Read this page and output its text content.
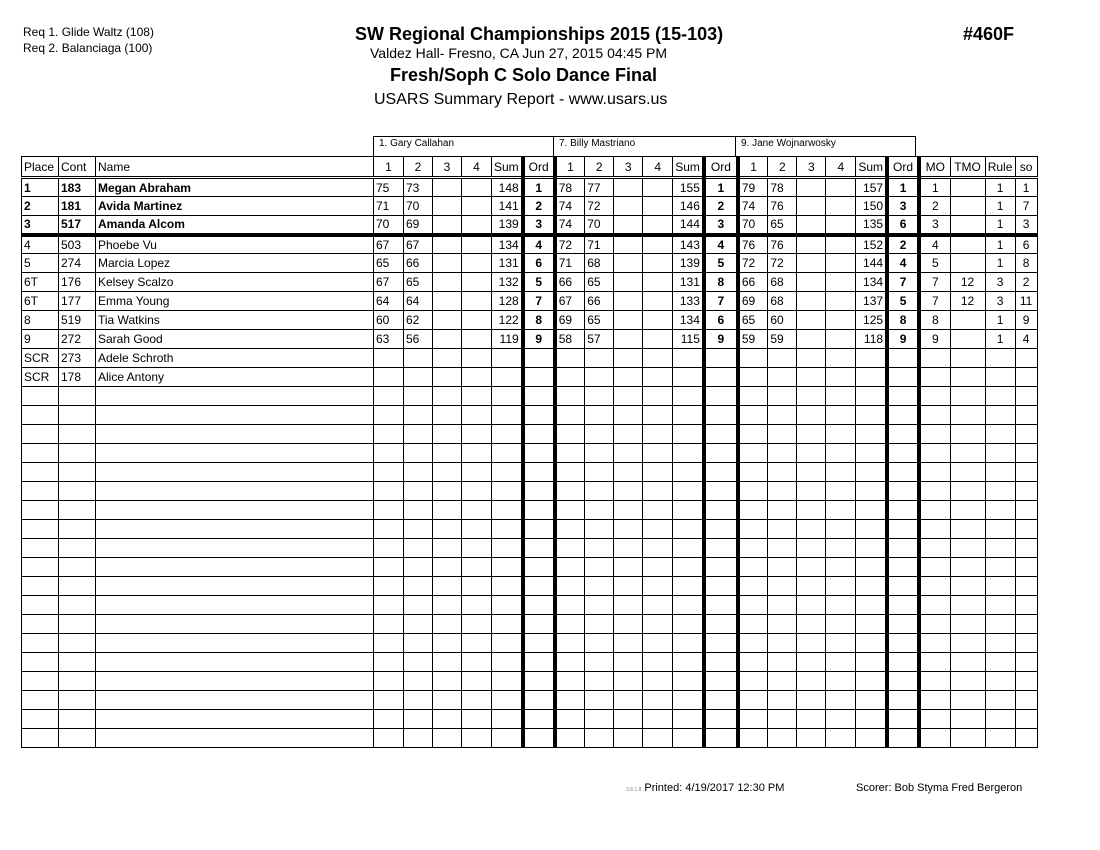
Req 1. Glide Waltz (108)
Req 2. Balanciaga (100)
SW Regional Championships 2015 (15-103)
Valdez Hall- Fresno, CA Jun 27, 2015 04:45 PM
Fresh/Soph C Solo Dance Final
USARS Summary Report - www.usars.us
#460F
1. Gary Callahan	7. Billy Mastriano	9. Jane Wojnarwosky
Place	Cont	Name	1	2	3	4	Sum	Ord	1	2	3	4	Sum	Ord	1	2	3	4	Sum	Ord	MO	TMO	Rule	so
1	183	Megan Abraham	75	73			148	1	78	77			155	1	79	78			157	1	1		1	1
2	181	Avida Martinez	71	70			141	2	74	72			146	2	74	76			150	3	2		1	7
3	517	Amanda Alcom	70	69			139	3	74	70			144	3	70	65			135	6	3		1	3
4	503	Phoebe Vu	67	67			134	4	72	71			143	4	76	76			152	2	4		1	6
5	274	Marcia Lopez	65	66			131	6	71	68			139	5	72	72			144	4	5		1	8
6T	176	Kelsey Scalzo	67	65			132	5	66	65			131	8	66	68			134	7	7	12	3	2
6T	177	Emma Young	64	64			128	7	67	66			133	7	69	68			137	5	7	12	3	11
8	519	Tia Watkins	60	62			122	8	69	65			134	6	65	60			125	8	8		1	9
9	272	Sarah Good	63	56			119	9	58	57			115	9	59	59			118	9	9		1	4
SCR	273	Adele Schroth																						
SCR	178	Alice Antony																						

3.8.1.8 Printed: 4/19/2017 12:30 PM	Scorer: Bob Styma Fred Bergeron
